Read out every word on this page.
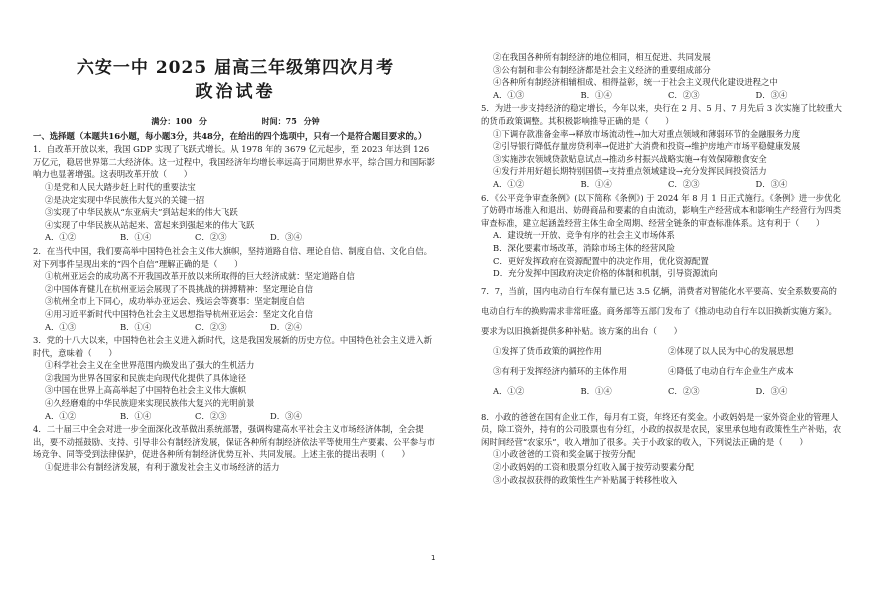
六安一中 2025 届高三年级第四次月考
政治试卷
满分：100 分	时间：75 分钟
一、选择题（本题共16小题，每小题3分，共48分，在给出的四个选项中，只有一个是符合题目要求的。）
1．自改革开放以来，我国 GDP 实现了飞跃式增长。从 1978 年的 3679 亿元起步，至 2023 年达到 126 万亿元，稳居世界第二大经济体。这一过程中，我国经济年均增长率远高于同期世界水平，综合国力和国际影响力也显著增强。这表明改革开放（　　）
①是党和人民大踏步赶上时代的重要法宝
②是决定实现中华民族伟大复兴的关键一招
③实现了中华民族从“东亚病夫”到站起来的伟大飞跃
④实现了中华民族从站起来、富起来到强起来的伟大飞跃
A．①②	B．①④	C．②③	D．③④
2．在当代中国，我们要高举中国特色社会主义伟大旗帜，坚持道路自信、理论自信、制度自信、文化自信。对下列事件呈现出来的“四个自信”理解正确的是（　　）
①杭州亚运会的成功离不开我国改革开放以来所取得的巨大经济成就：坚定道路自信
②中国体育健儿在杭州亚运会展现了不畏挑战的拼搏精神：坚定理论自信
③杭州全市上下同心，成功举办亚运会、残运会等赛事：坚定制度自信
④用习近平新时代中国特色社会主义思想指导杭州亚运会：坚定文化自信
A．①③	B．①④	C．②③	D．②④
3．党的十八大以来，中国特色社会主义进入新时代，这是我国发展新的历史方位。中国特色社会主义进入新时代，意味着（　　）
①科学社会主义在全世界范围内焕发出了强大的生机活力
②我国为世界各国家和民族走向现代化提供了具体途径
③中国在世界上高高举起了中国特色社会主义伟大旗帜
④久经磨难的中华民族迎来实现民族伟大复兴的光明前景
A．①②	B．①④	C．②③	D．③④
4．二十届三中全会对进一步全面深化改革做出系统部署，强调构建高水平社会主义市场经济体制，全会提出，要不动摇鼓励、支持、引导非公有制经济发展，保证各种所有制经济依法平等使用生产要素、公平参与市场竞争、同等受到法律保护，促进各种所有制经济优势互补、共同发展。上述主张的提出表明（　　）
①促进非公有制经济发展，有利于激发社会主义市场经济的活力
②在我国各种所有制经济的地位相同，相互促进、共同发展
③公有制和非公有制经济都是社会主义经济的重要组成部分
④各种所有制经济相辅相成、相得益彰，统一于社会主义现代化建设进程之中
A．①③	B．①④	C．②③	D．③④
5．为进一步支持经济的稳定增长，今年以来，央行在 2 月、5 月、7 月先后 3 次实施了比较重大的货币政策调整。其积极影响推导正确的是（　　）
①下调存款准备金率→释放市场流动性→加大对重点领域和薄弱环节的金融服务力度
②引导银行降低存量房贷利率→促进扩大消费和投资→维护房地产市场平稳健康发展
③实施涉农领域贷款贴息试点→推动乡村振兴战略实施→有效保障粮食安全
④发行并用好超长期特别国债→支持重点领域建设→充分发挥民间投资活力
A．①②	B．①④	C．②③	D．③④
6．《公平竞争审查条例》(以下简称《条例》) 于 2024 年 8 月 1 日正式施行。《条例》进一步优化了妨碍市场准入和退出、妨碍商品和要素的自由流动，影响生产经营成本和影响生产经营行为四类审查标准，建立起涵盖经营主体生命全周期、经营全链条的审查标准体系。这有利于（　　）
A．建设统一开放、竞争有序的社会主义市场体系
B．深化要素市场改革，消除市场主体的经营风险
C．更好发挥政府在资源配置中的决定作用，优化资源配置
D．充分发挥中国政府决定价格的体制和机制，引导资源流向
7．7，当前，国内电动自行车保有量已达 3.5 亿辆，消费者对智能化水平要高、安全系数要高的电动自行车的换购需求非常旺盛。商务部等五部门发布了《推动电动自行车以旧换新实施方案》。要求为以旧换新提供多种补贴。该方案的出台（　　）
①发挥了货币政策的调控作用	②体现了以人民为中心的发展思想
③有利于发挥经济内循环的主体作用	④降低了电动自行车企业生产成本
A．①②	B．①④	C．②③	D．③④
8．小政的爸爸在国有企业工作，每月有工资，年终还有奖金。小政妈妈是一家外资企业的管理人员，除工资外，持有的公司股票也有分红，小政的叔叔是农民，家里承包地有政策性生产补贴，农闲时间经营“农家乐”，收入增加了很多。关于小政家的收入，下列说法正确的是（　　）
①小政爸爸的工资和奖金属于按劳分配
②小政妈妈的工资和股票分红收入属于按劳动要素分配
③小政叔叔获得的政策性生产补贴属于转移性收入
1
